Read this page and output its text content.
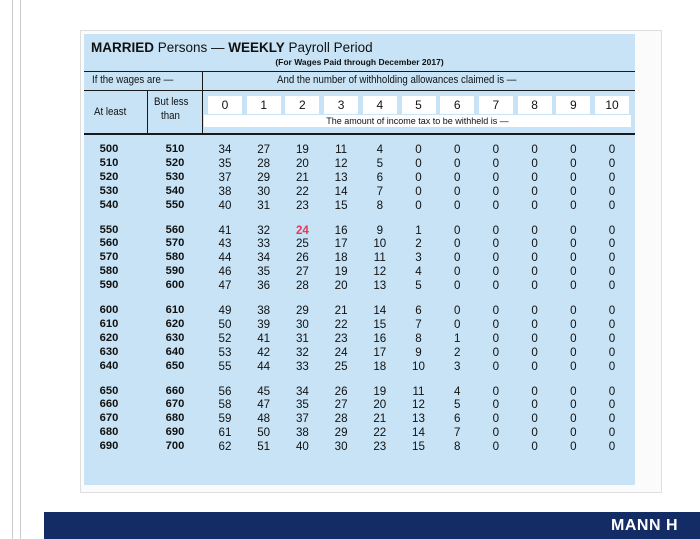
MARRIED Persons — WEEKLY Payroll Period
(For Wages Paid through December 2017)
If the wages are —	And the number of withholding allowances claimed is —
At least
But less
than
0	1	2	3	4	5	6	7	8	9	10
The amount of income tax to be withheld is —
500	510	34	27	19	11	4	0	0	0	0	0	0
510	520	35	28	20	12	5	0	0	0	0	0	0
520	530	37	29	21	13	6	0	0	0	0	0	0
530	540	38	30	22	14	7	0	0	0	0	0	0
540	550	40	31	23	15	8	0	0	0	0	0	0
550	560	41	32	24	16	9	1	0	0	0	0	0
560	570	43	33	25	17	10	2	0	0	0	0	0
570	580	44	34	26	18	11	3	0	0	0	0	0
580	590	46	35	27	19	12	4	0	0	0	0	0
590	600	47	36	28	20	13	5	0	0	0	0	0
600	610	49	38	29	21	14	6	0	0	0	0	0
610	620	50	39	30	22	15	7	0	0	0	0	0
620	630	52	41	31	23	16	8	1	0	0	0	0
630	640	53	42	32	24	17	9	2	0	0	0	0
640	650	55	44	33	25	18	10	3	0	0	0	0
650	660	56	45	34	26	19	11	4	0	0	0	0
660	670	58	47	35	27	20	12	5	0	0	0	0
670	680	59	48	37	28	21	13	6	0	0	0	0
680	690	61	50	38	29	22	14	7	0	0	0	0
690	700	62	51	40	30	23	15	8	0	0	0	0
MANN H
